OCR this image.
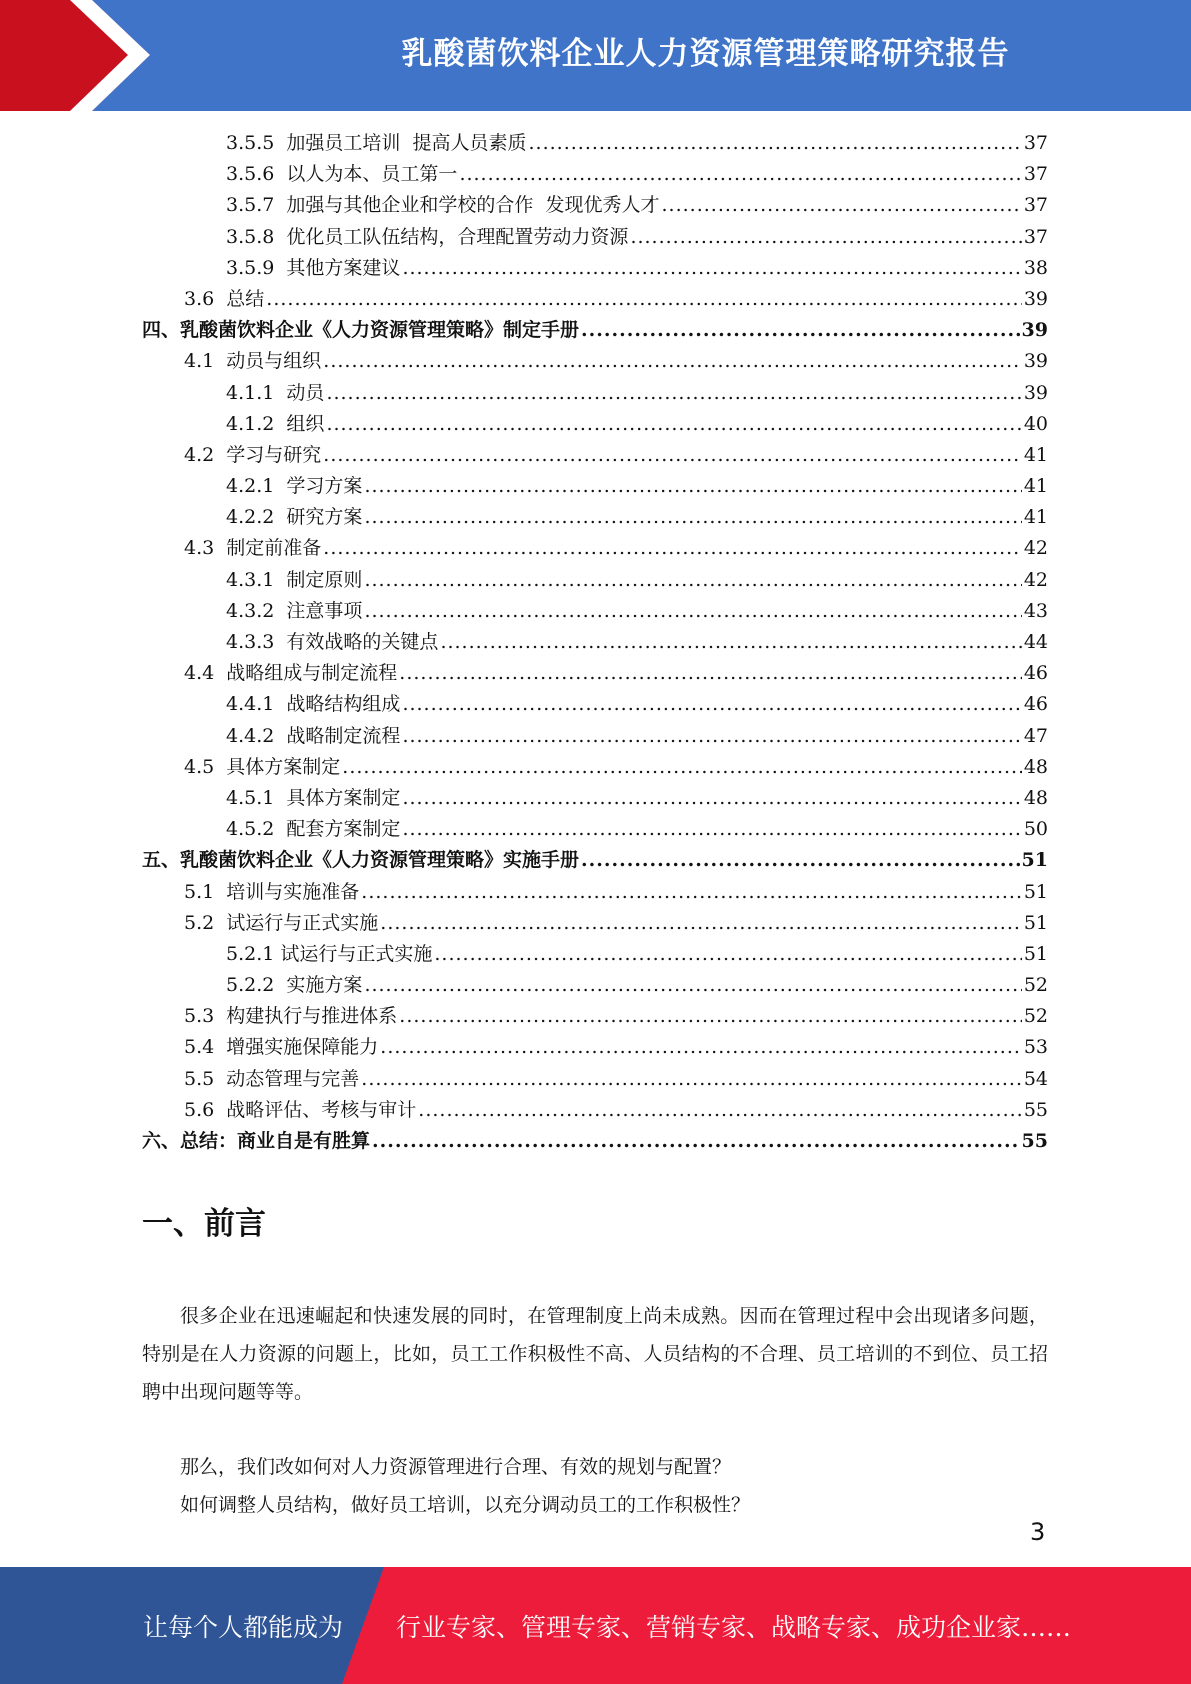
乳酸菌饮料企业人力资源管理策略研究报告
3.5.5  加强员工培训  提高人员素质 .....	37
3.5.6  以人为本、员工第一 .....	37
3.5.7  加强与其他企业和学校的合作  发现优秀人才 .....	37
3.5.8  优化员工队伍结构，合理配置劳动力资源 .....	37
3.5.9  其他方案建议 .....	38
3.6  总结 .....	39
四、乳酸菌饮料企业《人力资源管理策略》制定手册 .....	39
4.1  动员与组织 .....	39
4.1.1  动员 .....	39
4.1.2  组织 .....	40
4.2  学习与研究 .....	41
4.2.1  学习方案 .....	41
4.2.2  研究方案 .....	41
4.3  制定前准备 .....	42
4.3.1  制定原则 .....	42
4.3.2  注意事项 .....	43
4.3.3  有效战略的关键点 .....	44
4.4  战略组成与制定流程 .....	46
4.4.1  战略结构组成 .....	46
4.4.2  战略制定流程 .....	47
4.5  具体方案制定 .....	48
4.5.1  具体方案制定 .....	48
4.5.2  配套方案制定 .....	50
五、乳酸菌饮料企业《人力资源管理策略》实施手册 .....	51
5.1  培训与实施准备 .....	51
5.2  试运行与正式实施 .....	51
5.2.1 试运行与正式实施 .....	51
5.2.2  实施方案 .....	52
5.3  构建执行与推进体系 .....	52
5.4  增强实施保障能力 .....	53
5.5  动态管理与完善 .....	54
5.6  战略评估、考核与审计 .....	55
六、总结：商业自是有胜算 .....	55
一、前言
很多企业在迅速崛起和快速发展的同时，在管理制度上尚未成熟。因而在管理过程中会出现诸多问题，特别是在人力资源的问题上，比如，员工工作积极性不高、人员结构的不合理、员工培训的不到位、员工招聘中出现问题等等。
那么，我们改如何对人力资源管理进行合理、有效的规划与配置？
如何调整人员结构，做好员工培训，以充分调动员工的工作积极性？
3
让每个人都能成为 行业专家、管理专家、营销专家、战略专家、成功企业家……
